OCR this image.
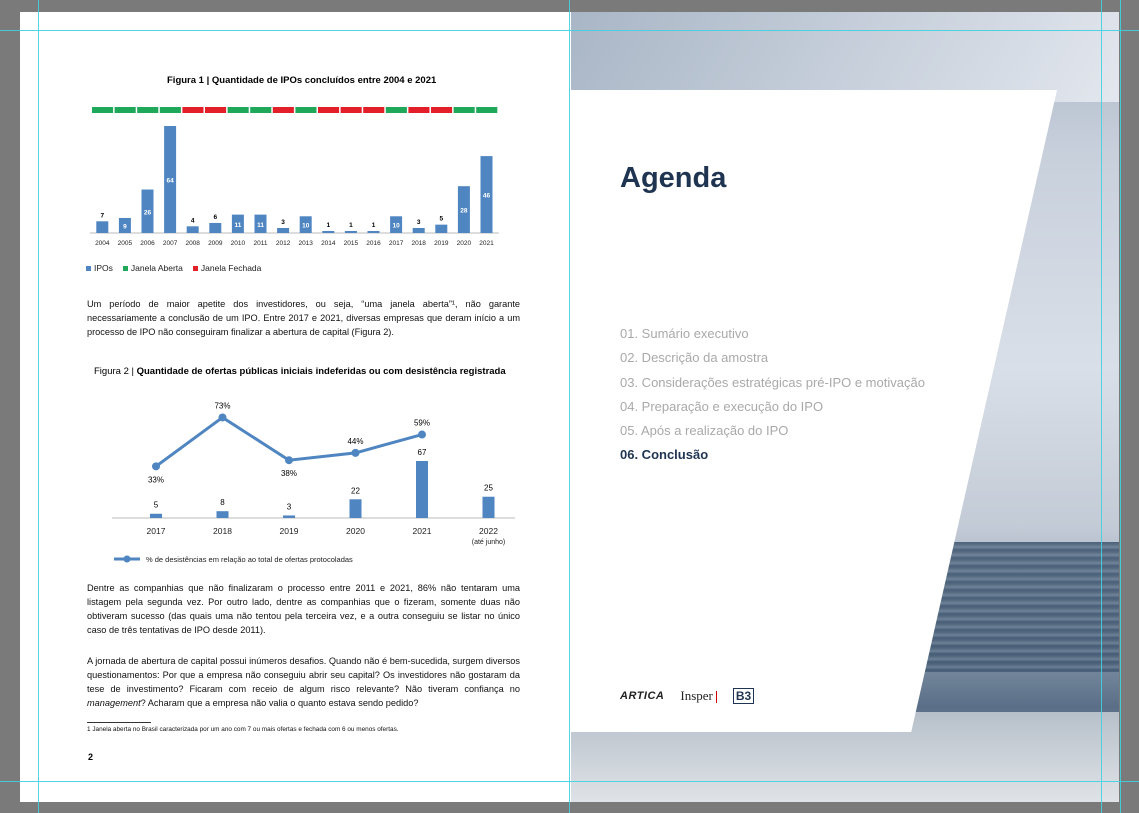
Figura 1 | Quantidade de IPOs concluídos entre 2004 e 2021
7
2004
9
2005
26
2006
64
2007
4
2008
6
2009
11
2010
11
2011
3
2012
10
2013
1
2014
1
2015
1
2016
10
2017
3
2018
5
2019
28
2020
46
2021
IPOs	Janela Aberta	Janela Fechada
Um período de maior apetite dos investidores, ou seja, “uma janela aberta”¹, não garante necessariamente a conclusão de um IPO. Entre 2017 e 2021, diversas empresas que deram início a um processo de IPO não conseguiram finalizar a abertura de capital (Figura 2).
Figura 2 | Quantidade de ofertas públicas iniciais indeferidas ou com desistência registrada
5
2017
8
2018
3
2019
22
2020
67
2021
25
2022
(até junho)
33%
73%
38%
44%
59%
% de desistências em relação ao total de ofertas protocoladas
Dentre as companhias que não finalizaram o processo entre 2011 e 2021, 86% não tentaram uma listagem pela segunda vez. Por outro lado, dentre as companhias que o fizeram, somente duas não obtiveram sucesso (das quais uma não tentou pela terceira vez, e a outra conseguiu se listar no único caso de três tentativas de IPO desde 2011).
A jornada de abertura de capital possui inúmeros desafios. Quando não é bem-sucedida, surgem diversos questionamentos: Por que a empresa não conseguiu abrir seu capital? Os investidores não gostaram da tese de investimento? Ficaram com receio de algum risco relevante? Não tiveram confiança no management? Acharam que a empresa não valia o quanto estava sendo pedido?
1 Janela aberta no Brasil caracterizada por um ano com 7 ou mais ofertas e fechada com 6 ou menos ofertas.
2
Agenda
01. Sumário executivo
02. Descrição da amostra
03. Considerações estratégicas pré-IPO e motivação
04. Preparação e execução do IPO
05. Após a realização do IPO
06. Conclusão
ARTICA Insper	B3
